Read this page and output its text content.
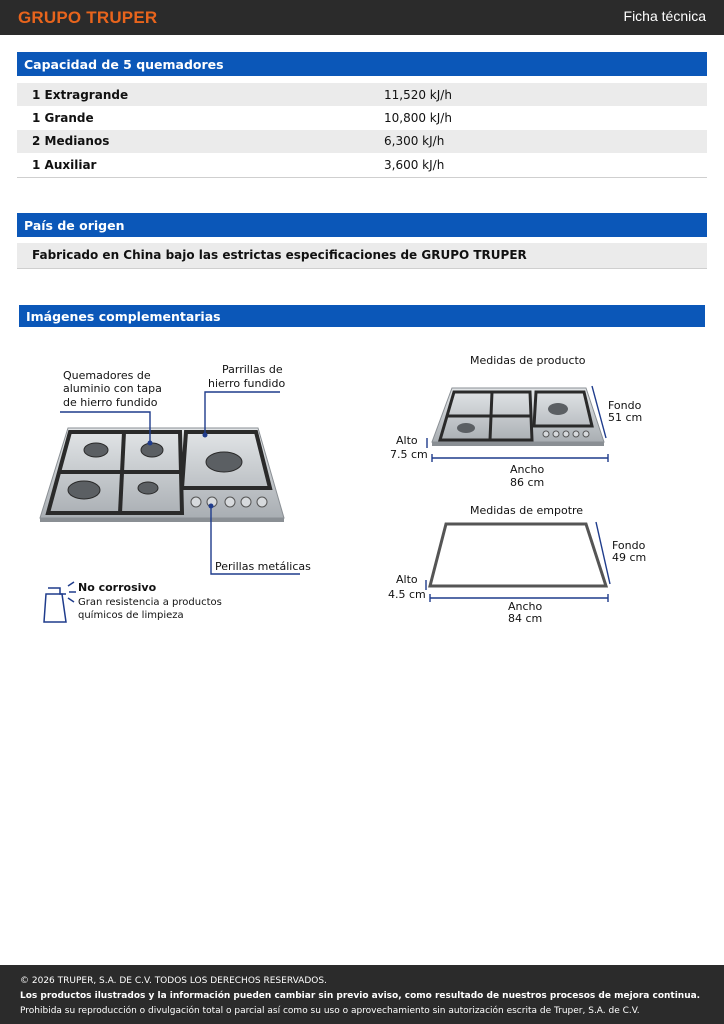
GRUPO TRUPER	Ficha técnica
Capacidad de 5 quemadores
1 Extragrande	11,520 kJ/h
1 Grande	10,800 kJ/h
2 Medianos	6,300 kJ/h
1 Auxiliar	3,600 kJ/h
País de origen
Fabricado en China bajo las estrictas especificaciones de GRUPO TRUPER
Imágenes complementarias
Quemadores de
aluminio con tapa
de hierro fundido
Parrillas de
hierro fundido
Perillas metálicas
No corrosivo
Gran resistencia a productos
químicos de limpieza
Medidas de producto
Alto
7.5 cm
Ancho
86 cm
Fondo
51 cm
Medidas de empotre
Alto
4.5 cm
Ancho
84 cm
Fondo
49 cm
© 2026 TRUPER, S.A. DE C.V. TODOS LOS DERECHOS RESERVADOS.
Los productos ilustrados y la información pueden cambiar sin previo aviso, como resultado de nuestros procesos de mejora continua.
Prohibida su reproducción o divulgación total o parcial así como su uso o aprovechamiento sin autorización escrita de Truper, S.A. de C.V.
